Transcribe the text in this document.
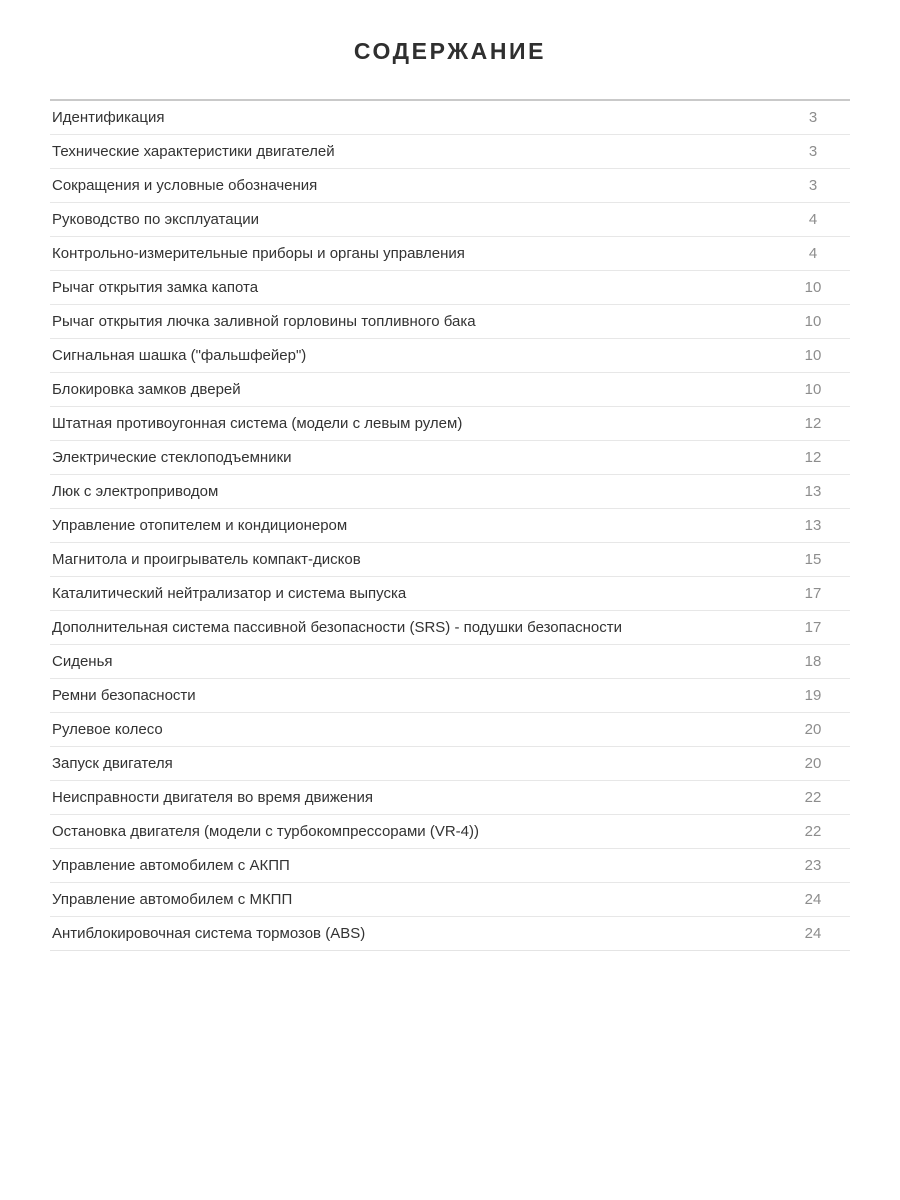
СОДЕРЖАНИЕ
Идентификация	3
Технические характеристики двигателей	3
Сокращения и условные обозначения	3
Руководство по эксплуатации	4
Контрольно-измерительные приборы и органы управления	4
Рычаг открытия замка капота	10
Рычаг открытия лючка заливной горловины топливного бака	10
Сигнальная шашка ("фальшфейер")	10
Блокировка замков дверей	10
Штатная противоугонная система (модели с левым рулем)	12
Электрические стеклоподъемники	12
Люк с электроприводом	13
Управление отопителем и кондиционером	13
Магнитола и проигрыватель компакт-дисков	15
Каталитический нейтрализатор и система выпуска	17
Дополнительная система пассивной безопасности (SRS) - подушки безопасности	17
Сиденья	18
Ремни безопасности	19
Рулевое колесо	20
Запуск двигателя	20
Неисправности двигателя во время движения	22
Остановка двигателя (модели с турбокомпрессорами (VR-4))	22
Управление автомобилем с АКПП	23
Управление автомобилем с МКПП	24
Антиблокировочная система тормозов (ABS)	24
